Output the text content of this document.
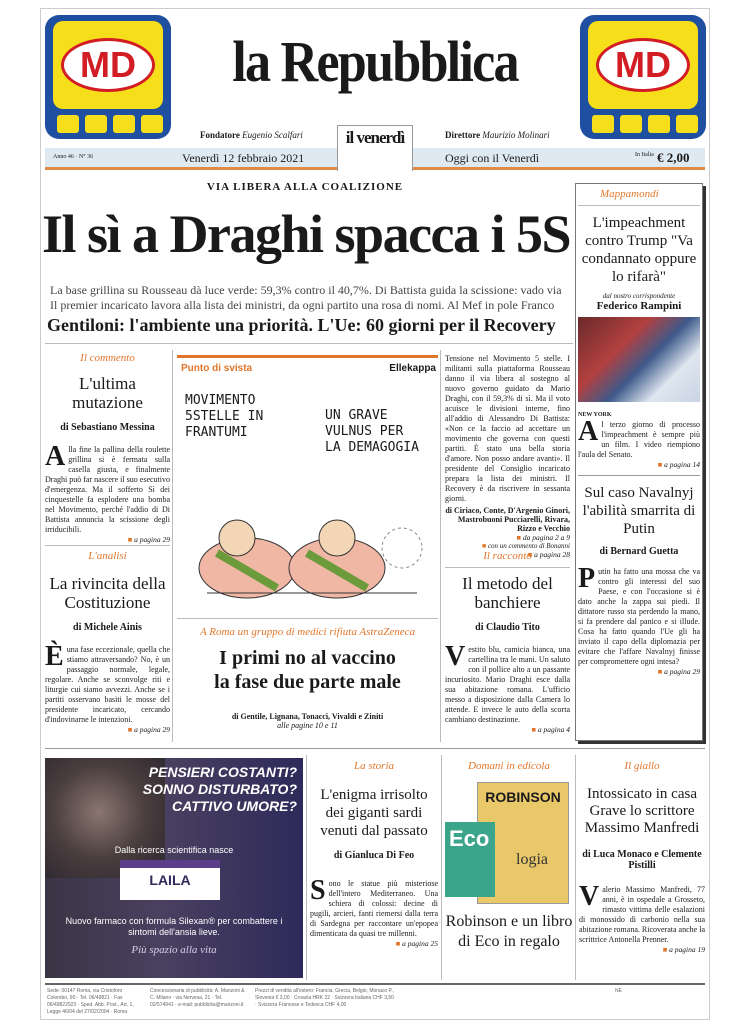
MD	MD
la Repubblica
Fondatore Eugenio Scalfari	Direttore Maurizio Molinari
Anno 46 · N° 36	Venerdì 12 febbraio 2021	Oggi con il Venerdì	In Italia € 2,00
il venerdì
VIA LIBERA ALLA COALIZIONE
Il sì a Draghi spacca i 5S
La base grillina su Rousseau dà luce verde: 59,3% contro il 40,7%. Di Battista guida la scissione: vado via
Il premier incaricato lavora alla lista dei ministri, da ogni partito una rosa di nomi. Al Mef in pole Franco
Gentiloni: l'ambiente una priorità. L'Ue: 60 giorni per il Recovery
Mappamondi
L'impeachment contro Trump "Va condannato oppure lo rifarà"
dal nostro corrispondente
Federico Rampini
NEW YORK
Al terzo giorno di processo l'impeachment è sempre più un film. I video riempiono l'aula del Senato.
■ a pagina 14
Sul caso Navalnyj l'abilità smarrita di Putin
di Bernard Guetta
Putin ha fatto una mossa che va contro gli interessi del suo Paese, e con l'occasione si è dato anche la zappa sui piedi. Il dittatore russo sta perdendo la mano, si fa prendere dal panico e si illude. Cosa ha fatto quando l'Ue gli ha inviato il capo della diplomazia per evitare che l'affare Navalnyj finisse per compromettere ogni intesa?
■ a pagina 29
Il commento
L'ultima mutazione
di Sebastiano Messina
Alla fine la pallina della roulette grillina si è fermata sulla casella giusta, e finalmente Draghi può far nascere il suo esecutivo d'emergenza. Ma il sofferto Sì dei cinquestelle fa esplodere una bomba nel Movimento, perché l'addio di Di Battista annuncia la scissione degli irriducibili.
■ a pagina 29
L'analisi
La rivincita della Costituzione
di Michele Ainis
Èuna fase eccezionale, quella che stiamo attraversando? No, è un passaggio normale, legale, regolare. Anche se sconvolge riti e liturgie cui siamo avvezzi. Anche se i partiti osservano basiti le mosse del presidente incaricato, cercando d'indovinarne le intenzioni.
■ a pagina 29
Punto di svista	Ellekappa
MOVIMENTO 5STELLE IN FRANTUMI
UN GRAVE VULNUS PER LA DEMAGOGIA
A Roma un gruppo di medici rifiuta AstraZeneca
I primi no al vaccino
la fase due parte male
di Gentile, Lignana, Tonacci, Vivaldi e Ziniti
alle pagine 10 e 11
Tensione nel Movimento 5 stelle. I militanti sulla piattaforma Rousseau danno il via libera al sostegno al nuovo governo guidato da Mario Draghi, con il 59,3% di sì. Ma il voto acuisce le divisioni interne, fino all'addio di Alessandro Di Battista: «Non ce la faccio ad accettare un movimento che governa con questi partiti. È stato una bella storia d'amore. Non posso andare avanti». Il presidente del Consiglio incaricato prepara la lista dei ministri. Il Recovery è da riscrivere in sessanta giorni.
di Ciriaco, Conte, D'Argenio Ginori, Mastrobuoni Pucciarelli, Rivara, Rizzo e Vecchio
■ da pagina 2 a 9
■ con un commento di Bonanni
■ a pagina 28
Il racconto
Il metodo del banchiere
di Claudio Tito
Vestito blu, camicia bianca, una cartellina tra le mani. Un saluto con il pollice alto a un passante incuriosito. Mario Draghi esce dalla sua abitazione romana. L'ufficio messo a disposizione dalla Camera lo attende. E invece le auto della scorta cambiano destinazione.
■ a pagina 4
PENSIERI COSTANTI?
SONNO DISTURBATO?
CATTIVO UMORE?
Dalla ricerca scientifica nasce
LAILA
Nuovo farmaco con formula Silexan® per combattere i sintomi dell'ansia lieve.
Più spazio alla vita
La storia
L'enigma irrisolto dei giganti sardi venuti dal passato
di Gianluca Di Feo
Sono le statue più misteriose dell'intero Mediterraneo. Una schiera di colossi: decine di pugili, arcieri, fanti riemersi dalla terra di Sardegna per raccontare un'epopea dimenticata da quasi tre millenni.
■ a pagina 25
Domani in edicola
ROBINSON
logia
Eco
Robinson e un libro di Eco in regalo
Il giallo
Intossicato in casa Grave lo scrittore Massimo Manfredi
di Luca Monaco e Clemente Pistilli
Valerio Massimo Manfredi, 77 anni, è in ospedale a Grosseto, rimasto vittima delle esalazioni di monossido di carbonio nella sua abitazione romana. Ricoverata anche la scrittrice Antonella Prenner.
■ a pagina 19
Sede: 00147 Roma, via Cristoforo Colombo, 90 · Tel. 06/49821 · Fax 06/49822923 · Sped. Abb. Post., Art. 1, Legge 46/04 del 27/02/2004 · Roma
Concessionaria di pubblicità: A. Manzoni & C. Milano · via Nervesa, 21 · Tel. 02/574941 · e-mail: pubblicita@manzoni.it
Prezzi di vendita all'estero: Francia, Grecia, Belgio, Monaco P., Slovenia € 3,00 · Croazia HRK 22 · Svizzera Italiana CHF 3,50 · Svizzera Francese e Tedesca CHF 4,00
NE
